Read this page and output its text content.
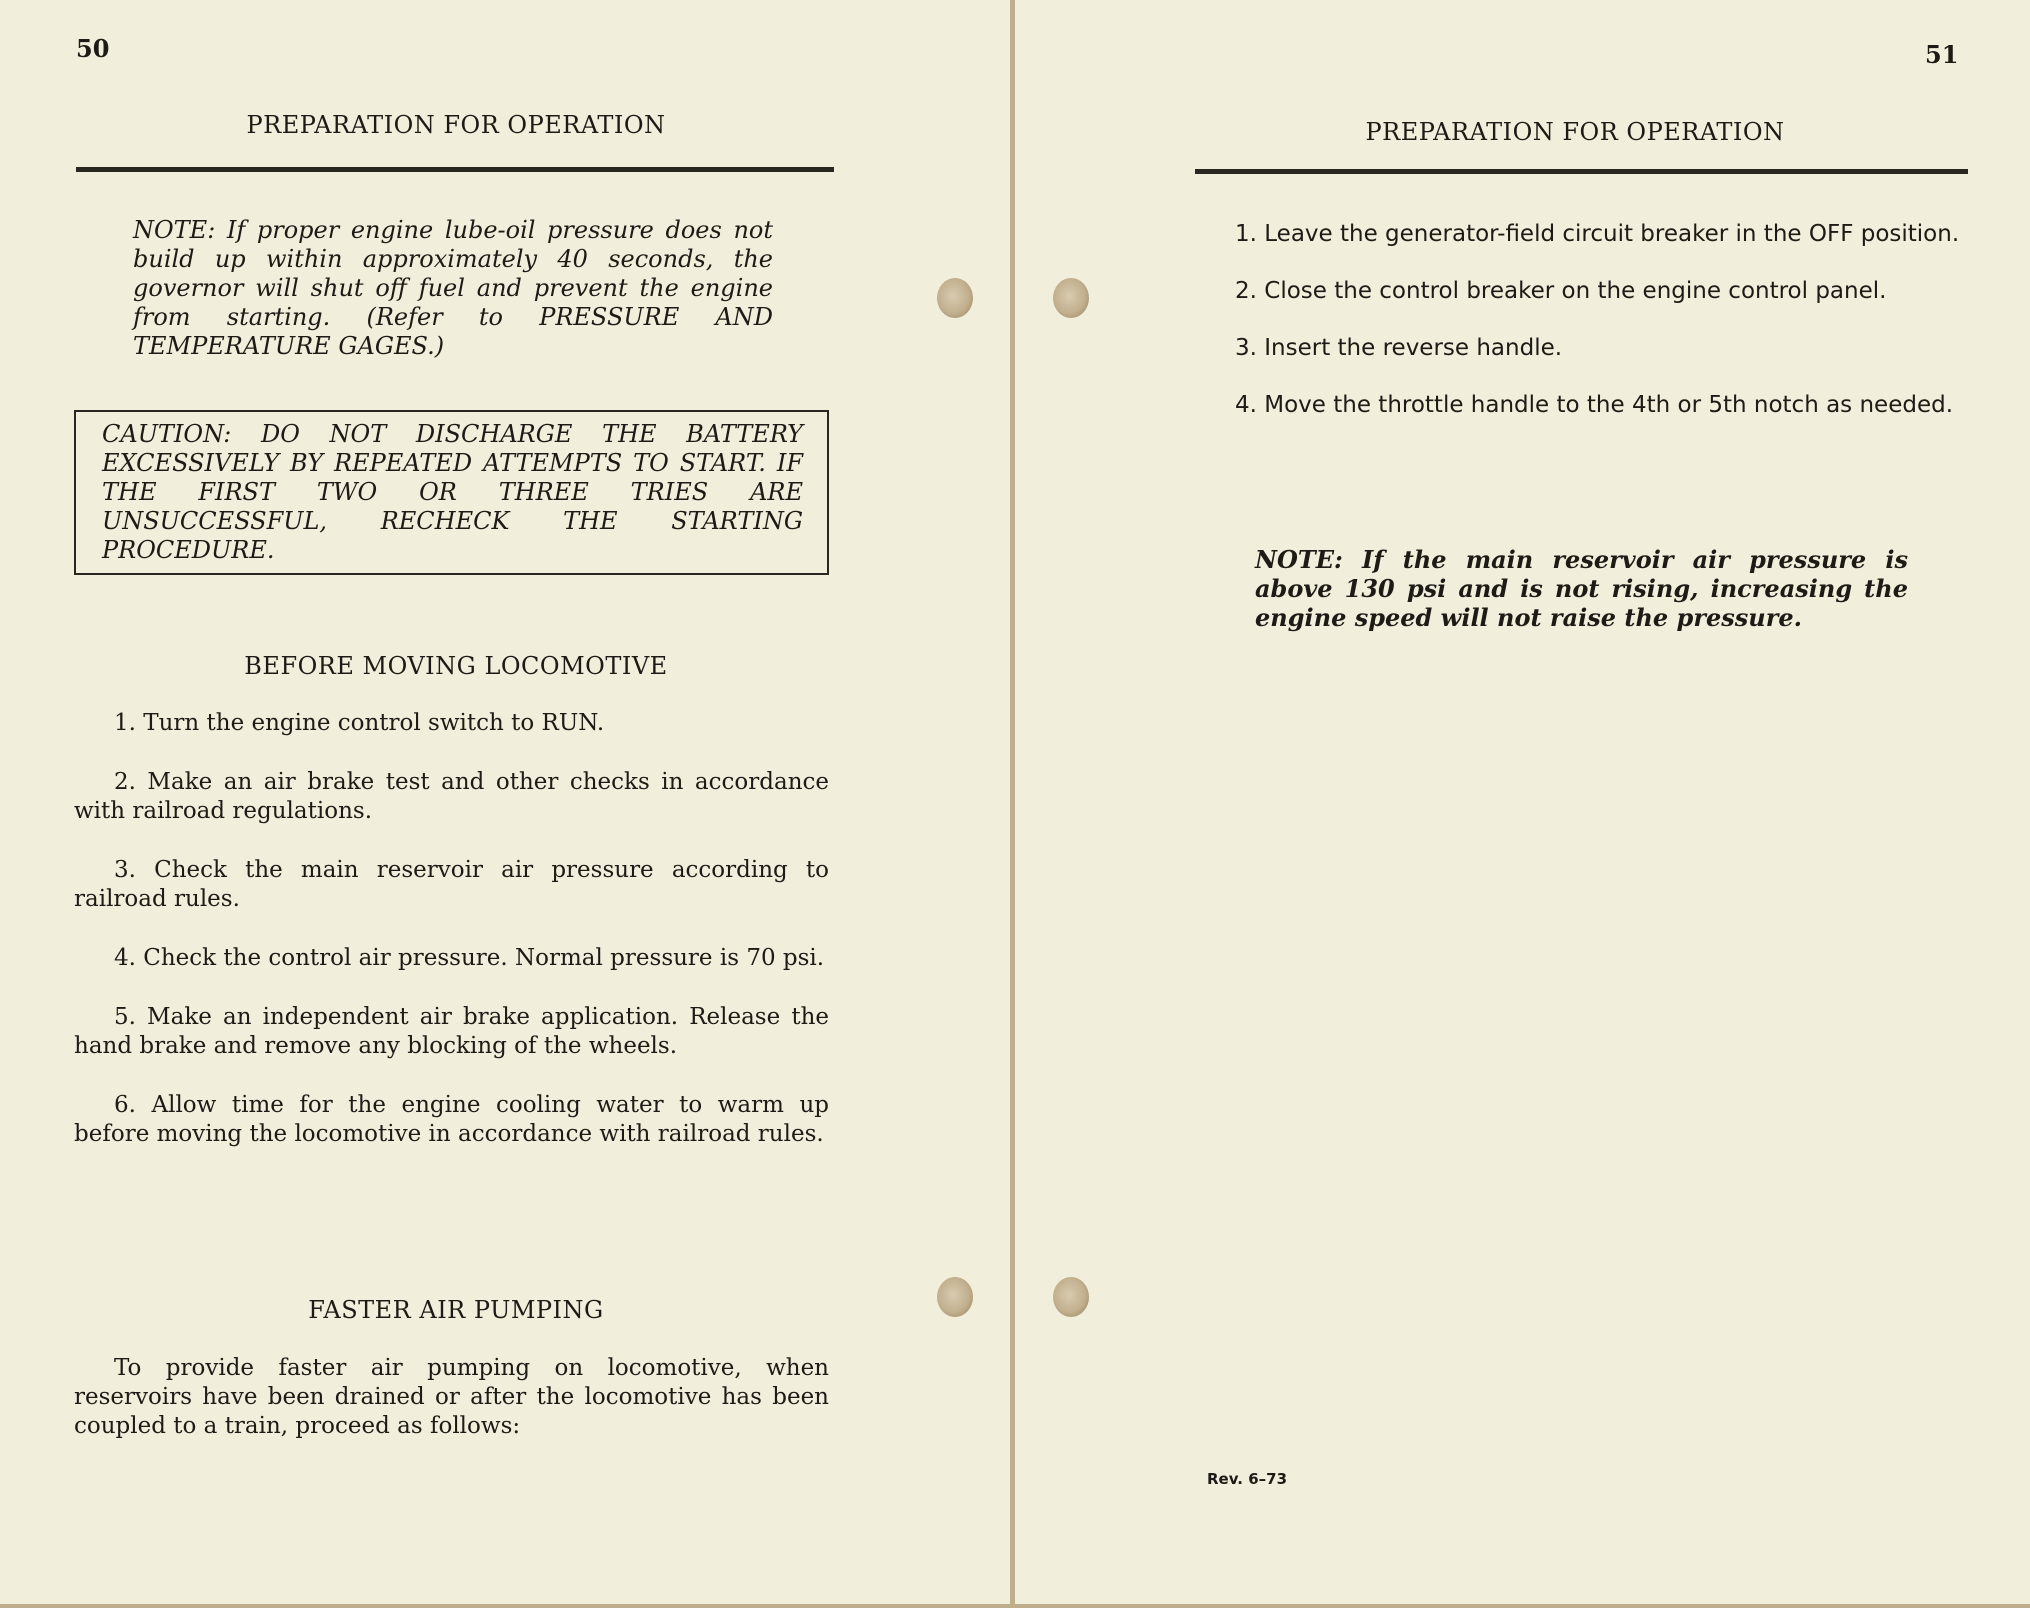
50
PREPARATION FOR OPERATION
NOTE: If proper engine lube-oil pressure does not build up within approximately 40 seconds, the governor will shut off fuel and prevent the engine from starting. (Refer to PRESSURE AND TEMPERATURE GAGES.)
CAUTION: DO NOT DISCHARGE THE BATTERY EXCESSIVELY BY REPEATED ATTEMPTS TO START. IF THE FIRST TWO OR THREE TRIES ARE UNSUCCESSFUL, RECHECK THE STARTING PROCEDURE.
BEFORE MOVING LOCOMOTIVE
1. Turn the engine control switch to RUN.
2. Make an air brake test and other checks in accordance with railroad regulations.
3. Check the main reservoir air pressure according to railroad rules.
4. Check the control air pressure. Normal pressure is 70 psi.
5. Make an independent air brake application. Release the hand brake and remove any blocking of the wheels.
6. Allow time for the engine cooling water to warm up before moving the locomotive in accordance with railroad rules.
FASTER AIR PUMPING
To provide faster air pumping on locomotive, when reservoirs have been drained or after the locomotive has been coupled to a train, proceed as follows:
51
PREPARATION FOR OPERATION
1. Leave the generator-field circuit breaker in the OFF position.
2. Close the control breaker on the engine control panel.
3. Insert the reverse handle.
4. Move the throttle handle to the 4th or 5th notch as needed.
NOTE: If the main reservoir air pressure is above 130 psi and is not rising, increasing the engine speed will not raise the pressure.
Rev. 6–73
